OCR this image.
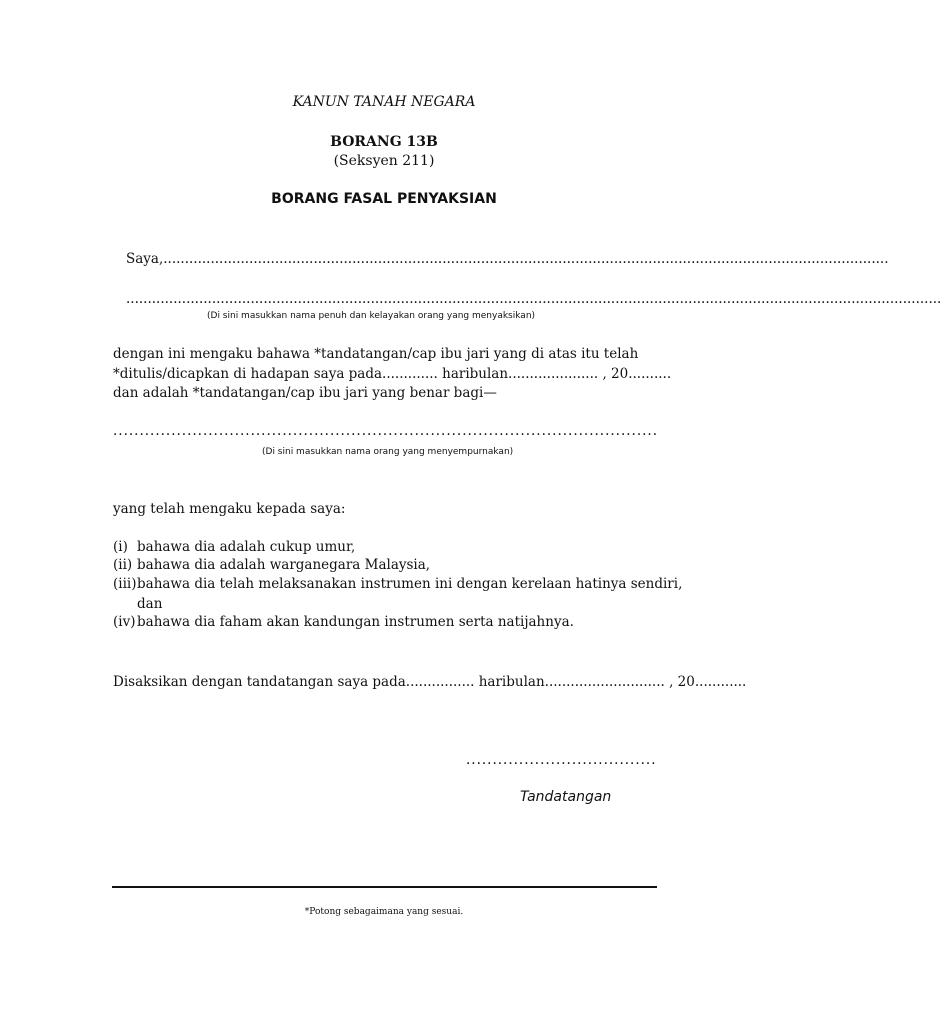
KANUN TANAH NEGARA
BORANG 13B
(Seksyen 211)
BORANG FASAL PENYAKSIAN
Saya,.........................................................................................................................................................................
..............................................................................................................................................................................................
(Di sini masukkan nama penuh dan kelayakan orang yang menyaksikan)
dengan ini mengaku bahawa *tandatangan/cap ibu jari yang di atas itu telah
*ditulis/dicapkan di hadapan saya pada............. haribulan..................... , 20..........
dan adalah *tandatangan/cap ibu jari yang benar bagi—
.......................................................................................................
(Di sini masukkan nama orang yang menyempurnakan)
yang telah mengaku kepada saya:
(i) bahawa dia adalah cukup umur,
(ii) bahawa dia adalah warganegara Malaysia,
(iii)bahawa dia telah melaksanakan instrumen ini dengan kerelaan hatinya sendiri,
dan
(iv) bahawa dia faham akan kandungan instrumen serta natijahnya.
Disaksikan dengan tandatangan saya pada................ haribulan............................ , 20............
....................................
Tandatangan
*Potong sebagaimana yang sesuai.
